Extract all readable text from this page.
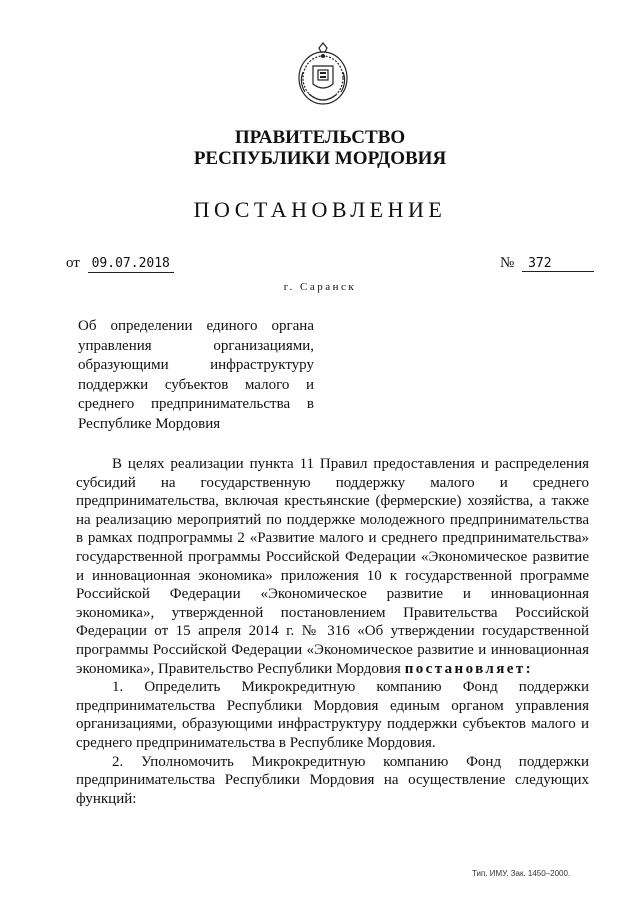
ПРАВИТЕЛЬСТВО
РЕСПУБЛИКИ МОРДОВИЯ
ПОСТАНОВЛЕНИЕ
от 09.07.2018	№ 372
г. Саранск
Об определении единого органа управления организациями, образующими инфраструктуру поддержки субъектов малого и среднего предпринимательства в Республике Мордовия

В целях реализации пункта 11 Правил предоставления и распределения субсидий на государственную поддержку малого и среднего предпринимательства, включая крестьянские (фермерские) хозяйства, а также на реализацию мероприятий по поддержке молодежного предпринимательства в рамках подпрограммы 2 «Развитие малого и среднего предпринимательства» государственной программы Российской Федерации «Экономическое развитие и инновационная экономика» приложения 10 к государственной программе Российской Федерации «Экономическое развитие и инновационная экономика», утвержденной постановлением Правительства Российской Федерации от 15 апреля 2014 г. № 316 «Об утверждении государственной программы Российской Федерации «Экономическое развитие и инновационная экономика», Правительство Республики Мордовия постановляет:

1. Определить Микрокредитную компанию Фонд поддержки предпринимательства Республики Мордовия единым органом управления организациями, образующими инфраструктуру поддержки субъектов малого и среднего предпринимательства в Республике Мордовия.

2. Уполномочить Микрокредитную компанию Фонд поддержки предпринимательства Республики Мордовия на осуществление следующих функций:

Тип. ИМУ. Зак. 1450–2000.
